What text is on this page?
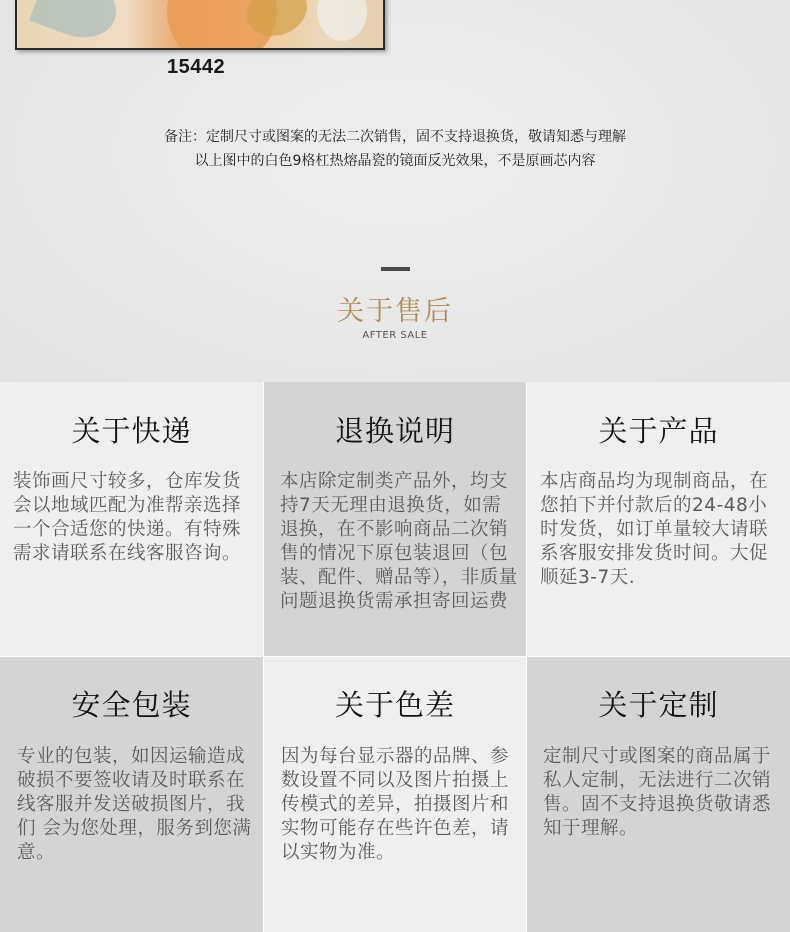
15442
备注：定制尺寸或图案的无法二次销售，固不支持退换货，敬请知悉与理解
以上图中的白色9格杠热熔晶瓷的镜面反光效果，不是原画芯内容
关于售后
AFTER SALE
关于快递

装饰画尺寸较多，仓库发货会以地域匹配为准帮亲选择一个合适您的快递。有特殊需求请联系在线客服咨询。

退换说明

本店除定制类产品外，均支持7天无理由退换货，如需退换，在不影响商品二次销售的情况下原包装退回（包装、配件、赠品等），非质量问题退换货需承担寄回运费

关于产品

本店商品均为现制商品，在您拍下并付款后的24-48小时发货，如订单量较大请联系客服安排发货时间。大促顺延3-7天.

安全包装

专业的包装，如因运输造成破损不要签收请及时联系在线客服并发送破损图片，我们 会为您处理，服务到您满意。

关于色差

因为每台显示器的品牌、参数设置不同以及图片拍摄上传模式的差异，拍摄图片和实物可能存在些许色差，请以实物为准。

关于定制

定制尺寸或图案的商品属于私人定制，无法进行二次销售。固不支持退换货敬请悉知于理解。
